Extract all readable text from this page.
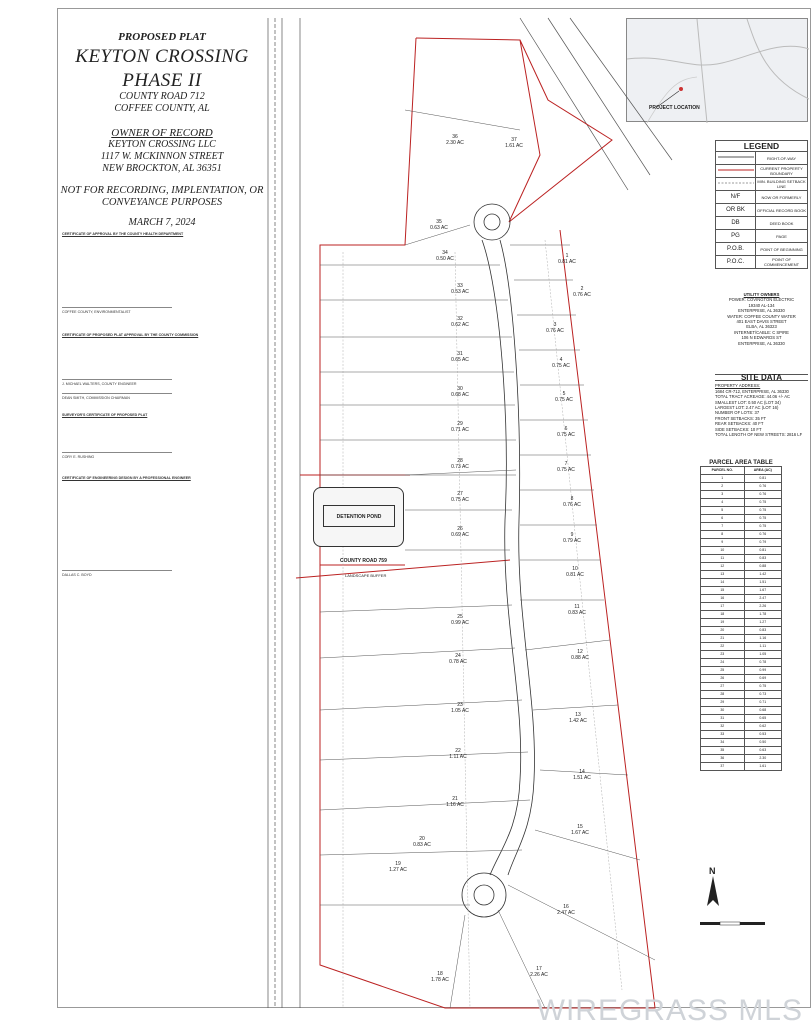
PROPOSED PLAT
KEYTON CROSSING
PHASE II
COUNTY ROAD 712
COFFEE COUNTY, AL
OWNER OF RECORD
KEYTON CROSSING LLC
1117 W. MCKINNON STREET
NEW BROCKTON, AL 36351
NOT FOR RECORDING, IMPLENTATION, OR
CONVEYANCE PURPOSES
MARCH 7, 2024

CERTIFICATE OF APPROVAL BY THE COUNTY HEALTH DEPARTMENT

COFFEE COUNTY, ENVIRONMENTALIST

CERTIFICATE OF PROPOSED PLAT APPROVAL BY THE COUNTY COMMISSION

J. MICHAEL WALTERS, COUNTY ENGINEER

DEAN SMITH, COMMISSION CHAIRMAN

SURVEYOR'S CERTIFICATE OF PROPOSED PLAT

CORY E. RUSHING

CERTIFICATE OF ENGINEERING DESIGN BY A PROFESSIONAL ENGINEER

DALLAS C. BOYD

PROJECT LOCATION
1
0.81 AC
2
0.76 AC
3
0.76 AC
4
0.75 AC
5
0.75 AC
6
0.75 AC
7
0.75 AC
8
0.76 AC
9
0.79 AC
10
0.81 AC
11
0.83 AC
12
0.88 AC
13
1.42 AC
14
1.51 AC
15
1.67 AC
16
2.47 AC
17
2.26 AC
18
1.78 AC
19
1.27 AC
20
0.83 AC
21
1.16 AC
22
1.11 AC
23
1.05 AC
24
0.78 AC
25
0.99 AC
26
0.69 AC
27
0.75 AC
28
0.73 AC
29
0.71 AC
30
0.68 AC
31
0.65 AC
32
0.62 AC
33
0.53 AC
34
0.50 AC
35
0.63 AC
36
2.30 AC	37
1.61 AC
DETENTION POND
COUNTY ROAD 759
LANDSCAPE BUFFER
LEGEND
	RIGHT-OF-WAY
	CURRENT PROPERTY BOUNDARY
	MIN. BUILDING SETBACK LINE
N/F	NOW OR FORMERLY
OR BK	OFFICIAL RECORD BOOK
DB	DEED BOOK
PG	PAGE
P.O.B.	POINT OF BEGINNING
P.O.C.	POINT OF COMMENCEMENT
UTILITY OWNERS
POWER: COVINGTON ELECTRIC
19340 AL-134
ENTERPRISE, AL 36330
WATER: COFFEE COUNTY WATER
401 EAST DAVIS STREET
ELBA, AL 36323
INTERNET/CABLE: C SPIRE
106 N EDWARDS ST
ENTERPRISE, AL 36330
SITE DATA
PROPERTY ADDRESS:
1684 CR-712, ENTERPRISE, AL 36330
TOTAL TRACT ACREAGE: 44.06 +/- AC
SMALLEST LOT: 0.50 AC (LOT 34)
LARGEST LOT: 2.47 AC (LOT 16)
NUMBER OF LOTS: 37
FRONT SETBACKS: 35 FT
REAR SETBACKS: 40 FT
SIDE SETBACKS: 10 FT
TOTAL LENGTH OF NEW STREETS: 2816 LF
PARCEL AREA TABLE
PARCEL NO.	AREA (AC)
1	0.81
2	0.76
3	0.76
4	0.75
5	0.75
6	0.75
7	0.75
8	0.76
9	0.79
10	0.81
11	0.83
12	0.88
13	1.42
14	1.51
15	1.67
16	2.47
17	2.26
18	1.78
19	1.27
20	0.83
21	1.16
22	1.11
23	1.05
24	0.78
25	0.99
26	0.69
27	0.75
28	0.73
29	0.71
30	0.68
31	0.65
32	0.62
33	0.53
34	0.50
35	0.63
36	2.30
37	1.61
N
WIREGRASS MLS
